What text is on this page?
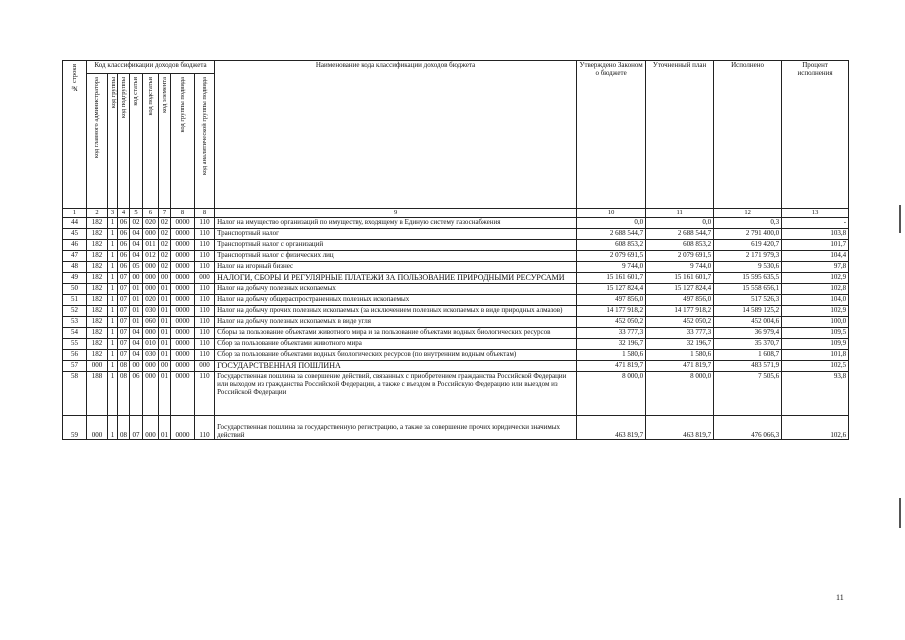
№ строки	Код классификации доходов бюджета								Наименование кода классификации доходов бюджета	Утверждено Законом о бюджете	Уточненный план	Исполнено	Процент исполнения

	код главного администратора	код группы	код подгруппы	код статьи	код подстатьи	код элемента	код группы подвида	код аналитической группы подвида					

1	2	3	4	5	6	7	8	8	9	10	11	12	13
44	182	1	06	02	020	02	0000	110	Налог на имущество организаций по имуществу, входящему в Единую систему газоснабжения	0,0	0,0	0,3	-
45	182	1	06	04	000	02	0000	110	Транспортный налог	2 688 544,7	2 688 544,7	2 791 400,0	103,8
46	182	1	06	04	011	02	0000	110	Транспортный налог с организаций	608 853,2	608 853,2	619 420,7	101,7
47	182	1	06	04	012	02	0000	110	Транспортный налог с физических лиц	2 079 691,5	2 079 691,5	2 171 979,3	104,4
48	182	1	06	05	000	02	0000	110	Налог на игорный бизнес	9 744,0	9 744,0	9 530,6	97,8
49	182	1	07	00	000	00	0000	000	НАЛОГИ, СБОРЫ И РЕГУЛЯРНЫЕ ПЛАТЕЖИ ЗА ПОЛЬЗОВАНИЕ ПРИРОДНЫМИ РЕСУРСАМИ	15 161 601,7	15 161 601,7	15 595 635,5	102,9
50	182	1	07	01	000	01	0000	110	Налог на добычу полезных ископаемых	15 127 824,4	15 127 824,4	15 558 656,1	102,8
51	182	1	07	01	020	01	0000	110	Налог на добычу общераспространенных полезных ископаемых	497 856,0	497 856,0	517 526,3	104,0
52	182	1	07	01	030	01	0000	110	Налог на добычу прочих полезных ископаемых (за исключением полезных ископаемых в виде природных алмазов)	14 177 918,2	14 177 918,2	14 589 125,2	102,9
53	182	1	07	01	060	01	0000	110	Налог на добычу полезных ископаемых в виде угля	452 050,2	452 050,2	452 004,6	100,0
54	182	1	07	04	000	01	0000	110	Сборы за пользование объектами животного мира и за пользование объектами водных биологических ресурсов	33 777,3	33 777,3	36 979,4	109,5
55	182	1	07	04	010	01	0000	110	Сбор за пользование объектами животного мира	32 196,7	32 196,7	35 370,7	109,9
56	182	1	07	04	030	01	0000	110	Сбор за пользование объектами водных биологических ресурсов (по внутренним водным объектам)	1 580,6	1 580,6	1 608,7	101,8
57	000	1	08	00	000	00	0000	000	ГОСУДАРСТВЕННАЯ ПОШЛИНА	471 819,7	471 819,7	483 571,9	102,5
58	188	1	08	06	000	01	0000	110	Государственная пошлина за совершение действий, связанных с приобретением гражданства Российской Федерации или выходом из гражданства Российской Федерации, а также с въездом в Российскую Федерацию или выездом из Российской Федерации	8 000,0	8 000,0	7 505,6	93,8
59	000	1	08	07	000	01	0000	110	Государственная пошлина за государственную регистрацию, а также за совершение прочих юридически значимых действий	463 819,7	463 819,7	476 066,3	102,6
11
